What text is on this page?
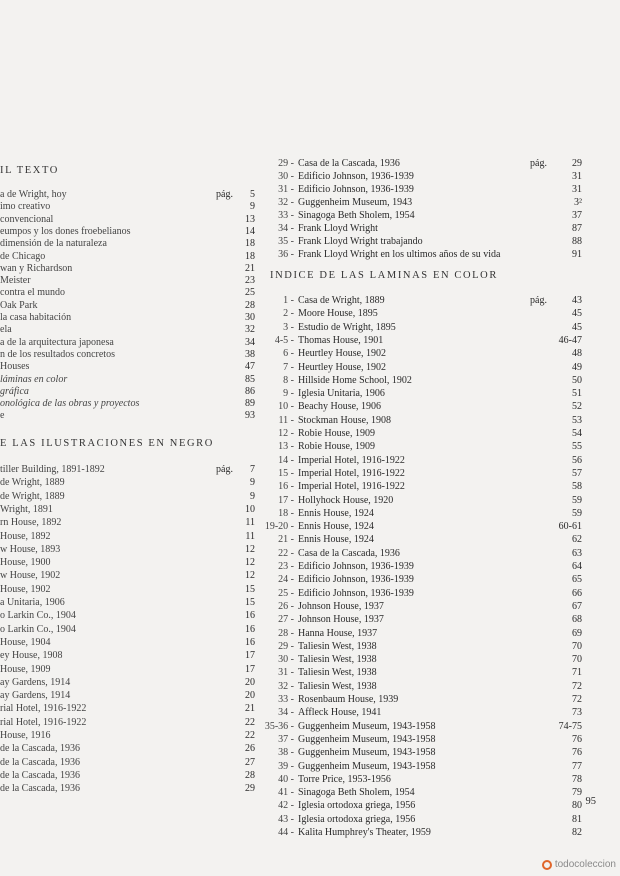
IL TEXTO
a de Wright, hoy	pág. 5
imo creativo	9
convencional	13
eumpos y los dones froebelianos	14
dimensión de la naturaleza	18
de Chicago	18
wan y Richardson	21
Meister	23
contra el mundo	25
Oak Park	28
la casa habitación	30
ela	32
a de la arquitectura japonesa	34
n de los resultados concretos	38
Houses	47
láminas en color	85
gráfica	86
onológica de las obras y proyectos	89
e	93
E LAS ILUSTRACIONES EN NEGRO
tiller Building, 1891-1892	pág. 7
de Wright, 1889	9
de Wright, 1889	9
Wright, 1891	10
rn House, 1892	11
House, 1892	11
w House, 1893	12
House, 1900	12
w House, 1902	12
House, 1902	15
a Unitaria, 1906	15
o Larkin Co., 1904	16
o Larkin Co., 1904	16
House, 1904	16
ey House, 1908	17
House, 1909	17
ay Gardens, 1914	20
ay Gardens, 1914	20
rial Hotel, 1916-1922	21
rial Hotel, 1916-1922	22
House, 1916	22
de la Cascada, 1936	26
de la Cascada, 1936	27
de la Cascada, 1936	28
de la Cascada, 1936	29
29 - Casa de la Cascada, 1936	pág.	29
30 - Edificio Johnson, 1936-1939	31
31 - Edificio Johnson, 1936-1939	31
32 - Guggenheim Museum, 1943	3²
33 - Sinagoga Beth Sholem, 1954	37
34 - Frank Lloyd Wright	87
35 - Frank Lloyd Wright trabajando	88
36 - Frank Lloyd Wright en los ultimos años de su vida	91
INDICE DE LAS LAMINAS EN COLOR
1 - Casa de Wright, 1889	pág.	43
2 - Moore House, 1895	45
3 - Estudio de Wright, 1895	45
4-5 - Thomas House, 1901	46-47
6 - Heurtley House, 1902	48
7 - Heurtley House, 1902	49
8 - Hillside Home School, 1902	50
9 - Iglesia Unitaria, 1906	51
10 - Beachy House, 1906	52
11 - Stockman House, 1908	53
12 - Robie House, 1909	54
13 - Robie House, 1909	55
14 - Imperial Hotel, 1916-1922	56
15 - Imperial Hotel, 1916-1922	57
16 - Imperial Hotel, 1916-1922	58
17 - Hollyhock House, 1920	59
18 - Ennis House, 1924	59
19-20 - Ennis House, 1924	60-61
21 - Ennis House, 1924	62
22 - Casa de la Cascada, 1936	63
23 - Edificio Johnson, 1936-1939	64
24 - Edificio Johnson, 1936-1939	65
25 - Edificio Johnson, 1936-1939	66
26 - Johnson House, 1937	67
27 - Johnson House, 1937	68
28 - Hanna House, 1937	69
29 - Taliesin West, 1938	70
30 - Taliesin West, 1938	70
31 - Taliesin West, 1938	71
32 - Taliesin West, 1938	72
33 - Rosenbaum House, 1939	72
34 - Affleck House, 1941	73
35-36 - Guggenheim Museum, 1943-1958	74-75
37 - Guggenheim Museum, 1943-1958	76
38 - Guggenheim Museum, 1943-1958	76
39 - Guggenheim Museum, 1943-1958	77
40 - Torre Price, 1953-1956	78
41 - Sinagoga Beth Sholem, 1954	79
42 - Iglesia ortodoxa griega, 1956	80
43 - Iglesia ortodoxa griega, 1956	81
44 - Kalita Humphrey's Theater, 1959	82
95
todocoleccion
